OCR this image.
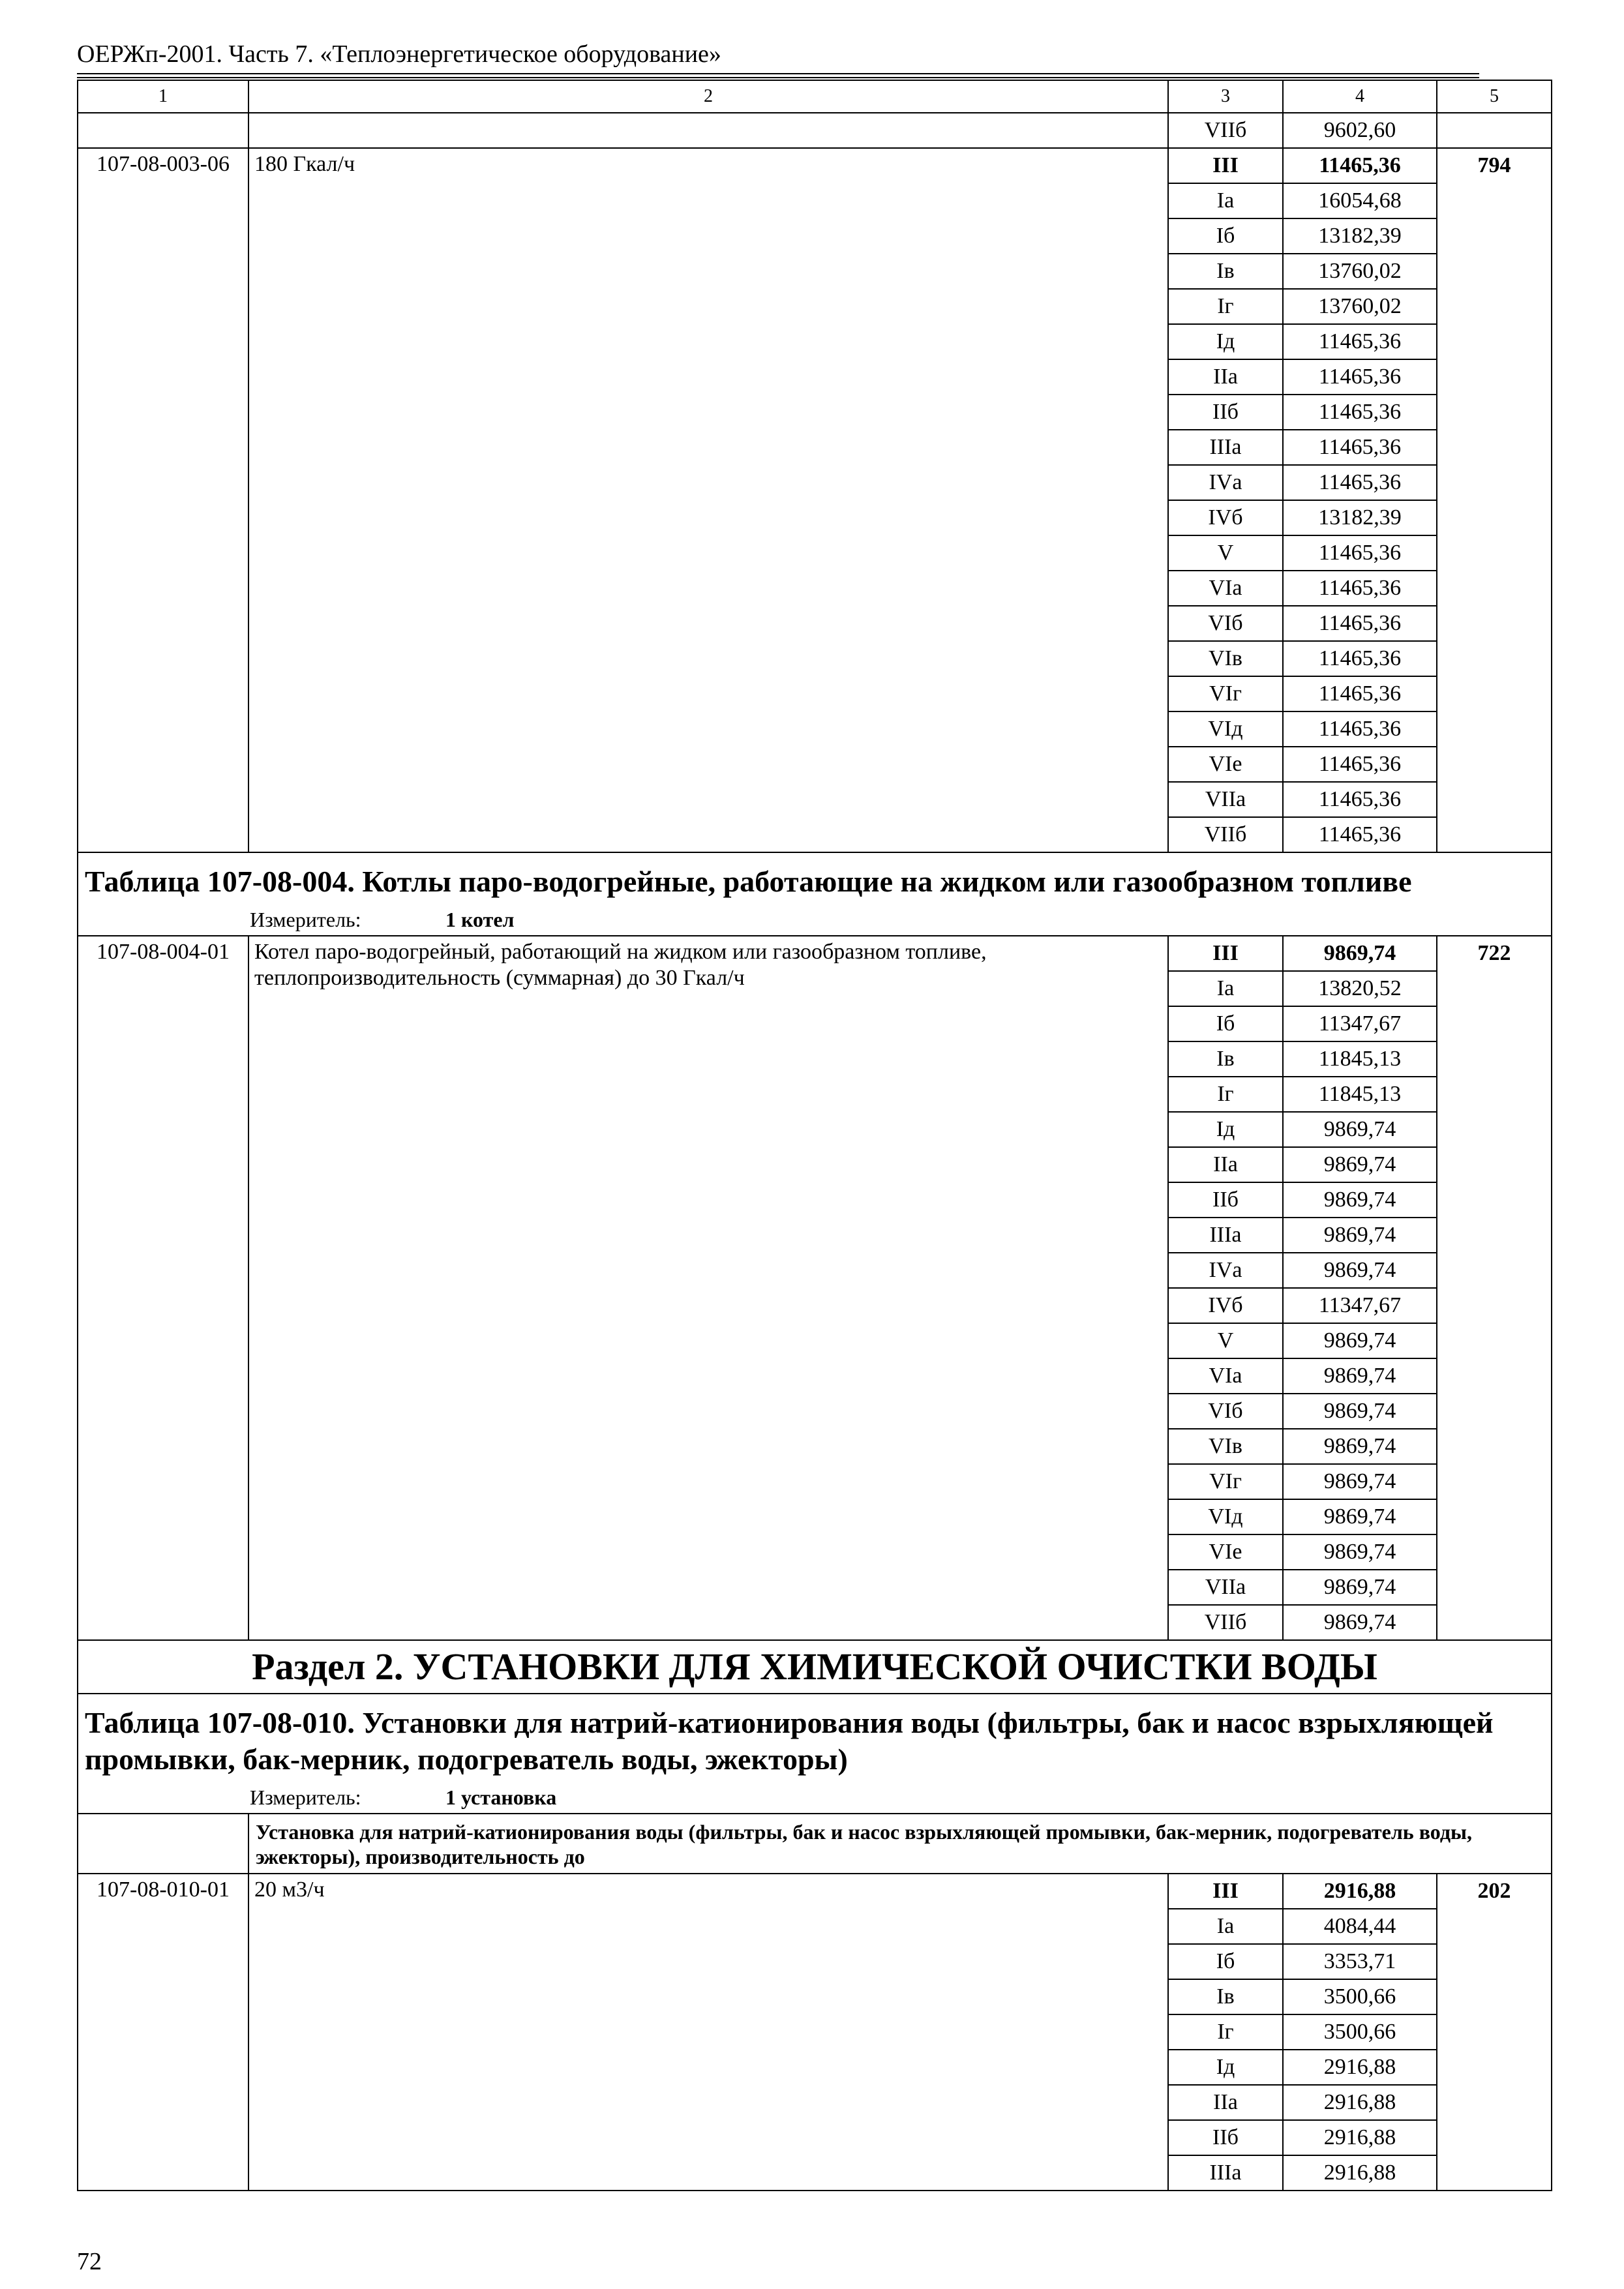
ОЕРЖп-2001. Часть 7. «Теплоэнергетическое оборудование»
1	2	3	4	5
		VIIб	9602,60	
107-08-003-06	180 Гкал/ч	III	11465,36	794
		Iа	16054,68	
		Iб	13182,39	
		Iв	13760,02	
		Iг	13760,02	
		Iд	11465,36	
		IIа	11465,36	
		IIб	11465,36	
		IIIа	11465,36	
		IVа	11465,36	
		IVб	13182,39	
		V	11465,36	
		VIа	11465,36	
		VIб	11465,36	
		VIв	11465,36	
		VIг	11465,36	
		VIд	11465,36	
		VIе	11465,36	
		VIIа	11465,36	
		VIIб	11465,36	
Таблица 107-08-004. Котлы паро-водогрейные, работающие на жидком или газообразном топливе				
Измеритель: 1 котел				
107-08-004-01	Котел паро-водогрейный, работающий на жидком или газообразном топливе, теплопроизводительность (суммарная) до 30 Гкал/ч	III	9869,74	722
		Iа	13820,52	
		Iб	11347,67	
		Iв	11845,13	
		Iг	11845,13	
		Iд	9869,74	
		IIа	9869,74	
		IIб	9869,74	
		IIIа	9869,74	
		IVа	9869,74	
		IVб	11347,67	
		V	9869,74	
		VIа	9869,74	
		VIб	9869,74	
		VIв	9869,74	
		VIг	9869,74	
		VIд	9869,74	
		VIе	9869,74	
		VIIа	9869,74	
		VIIб	9869,74	
Раздел 2. УСТАНОВКИ ДЛЯ ХИМИЧЕСКОЙ ОЧИСТКИ ВОДЫ				
Таблица 107-08-010. Установки для натрий-катионирования воды (фильтры, бак и насос взрыхляющей промывки, бак-мерник, подогреватель воды, эжекторы)				
Измеритель: 1 установка				
	Установка для натрий-катионирования воды (фильтры, бак и насос взрыхляющей промывки, бак-мерник, подогреватель воды, эжекторы), производительность до			
107-08-010-01	20 м3/ч	III	2916,88	202
		Iа	4084,44	
		Iб	3353,71	
		Iв	3500,66	
		Iг	3500,66	
		Iд	2916,88	
		IIа	2916,88	
		IIб	2916,88	
		IIIа	2916,88	
72
